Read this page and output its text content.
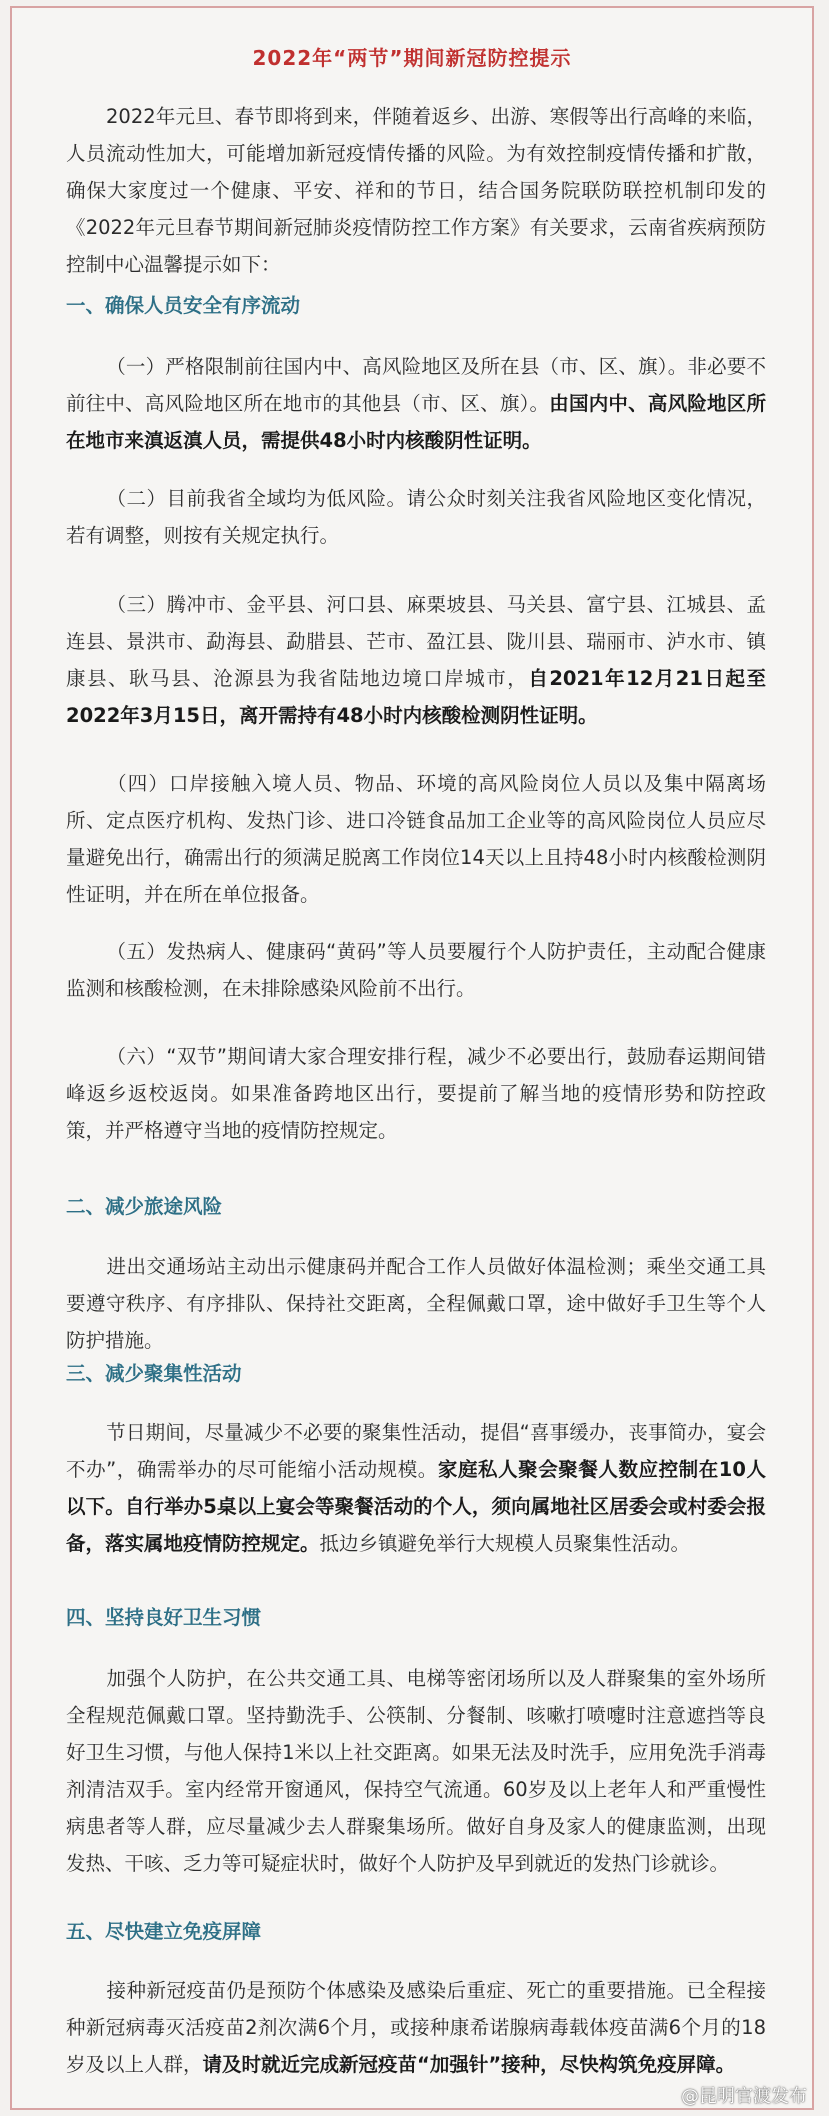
2022年“两节”期间新冠防控提示

2022年元旦、春节即将到来，伴随着返乡、出游、寒假等出行高峰的来临，人员流动性加大，可能增加新冠疫情传播的风险。为有效控制疫情传播和扩散，确保大家度过一个健康、平安、祥和的节日，结合国务院联防联控机制印发的《2022年元旦春节期间新冠肺炎疫情防控工作方案》有关要求，云南省疾病预防控制中心温馨提示如下：

一、确保人员安全有序流动

（一）严格限制前往国内中、高风险地区及所在县（市、区、旗）。非必要不前往中、高风险地区所在地市的其他县（市、区、旗）。由国内中、高风险地区所在地市来滇返滇人员，需提供48小时内核酸阴性证明。

（二）目前我省全域均为低风险。请公众时刻关注我省风险地区变化情况，若有调整，则按有关规定执行。

（三）腾冲市、金平县、河口县、麻栗坡县、马关县、富宁县、江城县、孟连县、景洪市、勐海县、勐腊县、芒市、盈江县、陇川县、瑞丽市、泸水市、镇康县、耿马县、沧源县为我省陆地边境口岸城市，自2021年12月21日起至2022年3月15日，离开需持有48小时内核酸检测阴性证明。

（四）口岸接触入境人员、物品、环境的高风险岗位人员以及集中隔离场所、定点医疗机构、发热门诊、进口冷链食品加工企业等的高风险岗位人员应尽量避免出行，确需出行的须满足脱离工作岗位14天以上且持48小时内核酸检测阴性证明，并在所在单位报备。

（五）发热病人、健康码“黄码”等人员要履行个人防护责任，主动配合健康监测和核酸检测，在未排除感染风险前不出行。

（六）“双节”期间请大家合理安排行程，减少不必要出行，鼓励春运期间错峰返乡返校返岗。如果准备跨地区出行，要提前了解当地的疫情形势和防控政策，并严格遵守当地的疫情防控规定。

二、减少旅途风险

进出交通场站主动出示健康码并配合工作人员做好体温检测；乘坐交通工具要遵守秩序、有序排队、保持社交距离，全程佩戴口罩，途中做好手卫生等个人防护措施。

三、减少聚集性活动

节日期间，尽量减少不必要的聚集性活动，提倡“喜事缓办，丧事简办，宴会不办”，确需举办的尽可能缩小活动规模。家庭私人聚会聚餐人数应控制在10人以下。自行举办5桌以上宴会等聚餐活动的个人，须向属地社区居委会或村委会报备，落实属地疫情防控规定。抵边乡镇避免举行大规模人员聚集性活动。

四、坚持良好卫生习惯

加强个人防护，在公共交通工具、电梯等密闭场所以及人群聚集的室外场所全程规范佩戴口罩。坚持勤洗手、公筷制、分餐制、咳嗽打喷嚏时注意遮挡等良好卫生习惯，与他人保持1米以上社交距离。如果无法及时洗手，应用免洗手消毒剂清洁双手。室内经常开窗通风，保持空气流通。60岁及以上老年人和严重慢性病患者等人群，应尽量减少去人群聚集场所。做好自身及家人的健康监测，出现发热、干咳、乏力等可疑症状时，做好个人防护及早到就近的发热门诊就诊。

五、尽快建立免疫屏障

接种新冠疫苗仍是预防个体感染及感染后重症、死亡的重要措施。已全程接种新冠病毒灭活疫苗2剂次满6个月，或接种康希诺腺病毒载体疫苗满6个月的18岁及以上人群，请及时就近完成新冠疫苗“加强针”接种，尽快构筑免疫屏障。

@昆明官渡发布
